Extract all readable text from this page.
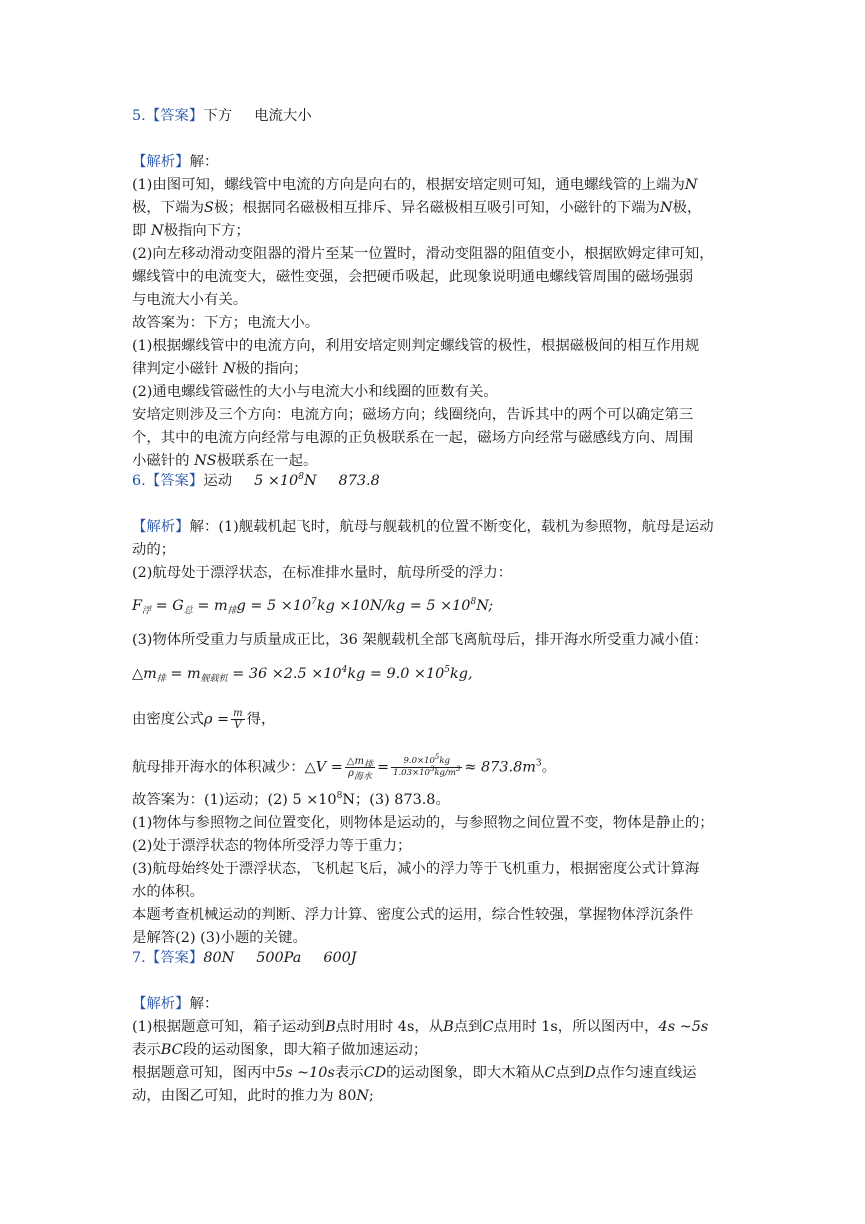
5.【答案】下方 电流大小
【解析】解：
(1)由图可知，螺线管中电流的方向是向右的，根据安培定则可知，通电螺线管的上端为N
极，下端为S极；根据同名磁极相互排斥、异名磁极相互吸引可知，小磁针的下端为N极，
即 N极指向下方；
(2)向左移动滑动变阻器的滑片至某一位置时，滑动变阻器的阻值变小，根据欧姆定律可知，
螺线管中的电流变大，磁性变强，会把硬币吸起，此现象说明通电螺线管周围的磁场强弱
与电流大小有关。
故答案为：下方；电流大小。
(1)根据螺线管中的电流方向，利用安培定则判定螺线管的极性，根据磁极间的相互作用规
律判定小磁针 N极的指向；
(2)通电螺线管磁性的大小与电流大小和线圈的匝数有关。
安培定则涉及三个方向：电流方向；磁场方向；线圈绕向，告诉其中的两个可以确定第三
个，其中的电流方向经常与电源的正负极联系在一起，磁场方向经常与磁感线方向、周围
小磁针的 NS极联系在一起。
6.【答案】运动 $5 \times 10^8N$ 873.8
【解析】解：(1)舰载机起飞时，航母与舰载机的位置不断变化，载机为参照物，航母是运动
动的；
(2)航母处于漂浮状态，在标准排水量时，航母所受的浮力：
$F_浮 = G_总 = m_排g = 5 \times 10^7kg \times 10N/kg = 5 \times 10^8N$;
(3)物体所受重力与质量成正比，36 架舰载机全部飞离航母后，排开海水所受重力减小值：
$\triangle m_排 = m_{舰载机} = 36 \times 2.5 \times 10^4kg = 9.0 \times 10^5kg$,
由密度公式$\rho = \frac{m}{V}$ 得，
航母排开海水的体积减少：△V = $\frac{\triangle m_排}{\rho_{海水}} = \frac{9.0\times 10^5kg}{1.03\times 10^3kg/m^3} \approx 873.8m^3$。
故答案为：(1)运动；(2) $5 \times 10^8N$；(3) 873.8。
(1)物体与参照物之间位置变化，则物体是运动的，与参照物之间位置不变，物体是静止的；
(2)处于漂浮状态的物体所受浮力等于重力；
(3)航母始终处于漂浮状态，飞机起飞后，减小的浮力等于飞机重力，根据密度公式计算海
水的体积。
本题考查机械运动的判断、浮力计算、密度公式的运用，综合性较强，掌握物体浮沉条件
是解答(2) (3)小题的关键。
7.【答案】80N 500Pa 600J
【解析】解：
(1)根据题意可知，箱子运动到B点时用时 4s，从B点到C点用时 1s，所以图丙中，4s ~5s
表示BC段的运动图象，即大箱子做加速运动；
根据题意可知，图丙中5s ~10s表示CD的运动图象，即大木箱从C点到D点作匀速直线运
动，由图乙可知，此时的推力为 80N;
